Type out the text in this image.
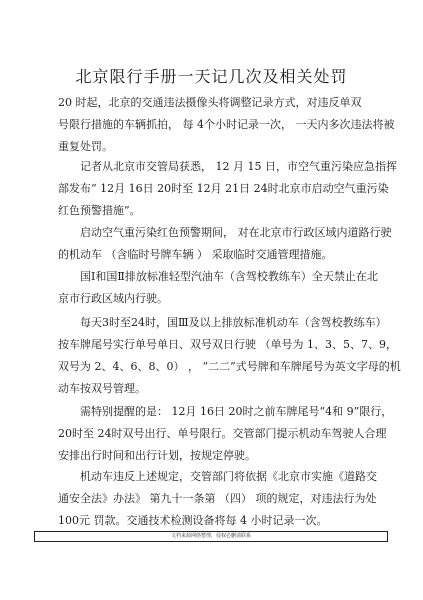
北京限行手册一天记几次及相关处罚
20 时起，北京的交通违法摄像头将调整记录方式，对违反单双
号限行措施的车辆抓拍， 每 4个小时记录一次， 一天内多次违法将被
重复处罚。
记者从北京市交管局获悉， 12 月 15 日，市空气重污染应急指挥
部发布“ 12月 16日 20时至 12月 21日 24时北京市启动空气重污染
红色预警措施”。
启动空气重污染红色预警期间， 对在北京市行政区域内道路行驶
的机动车 （含临时号牌车辆 ） 采取临时交通管理措施。
国Ⅰ和国Ⅱ排放标准轻型汽油车（含驾校教练车）全天禁止在北
京市行政区域内行驶。
每天3时至24时，国Ⅲ及以上排放标准机动车（含驾校教练车）
按车牌尾号实行单号单日、双号双日行驶 （单号为 1、3、5、7、9，
双号为 2、4、6、8、0） ， “二二”式号牌和车牌尾号为英文字母的机
动车按双号管理。
需特别提醒的是： 12月 16日 20时之前车牌尾号“4和 9”限行，
20时至 24时双号出行、单号限行。交管部门提示机动车驾驶人合理
安排出行时间和出行计划，按规定停驶。
机动车违反上述规定，交管部门将依据《北京市实施《道路交
通安全法》办法》 第九十一条第 （四） 项的规定，对违法行为处
100元 罚款。交通技术检测设备将每 4 小时记录一次。
文档来源网络整理，侵权必删请联系
